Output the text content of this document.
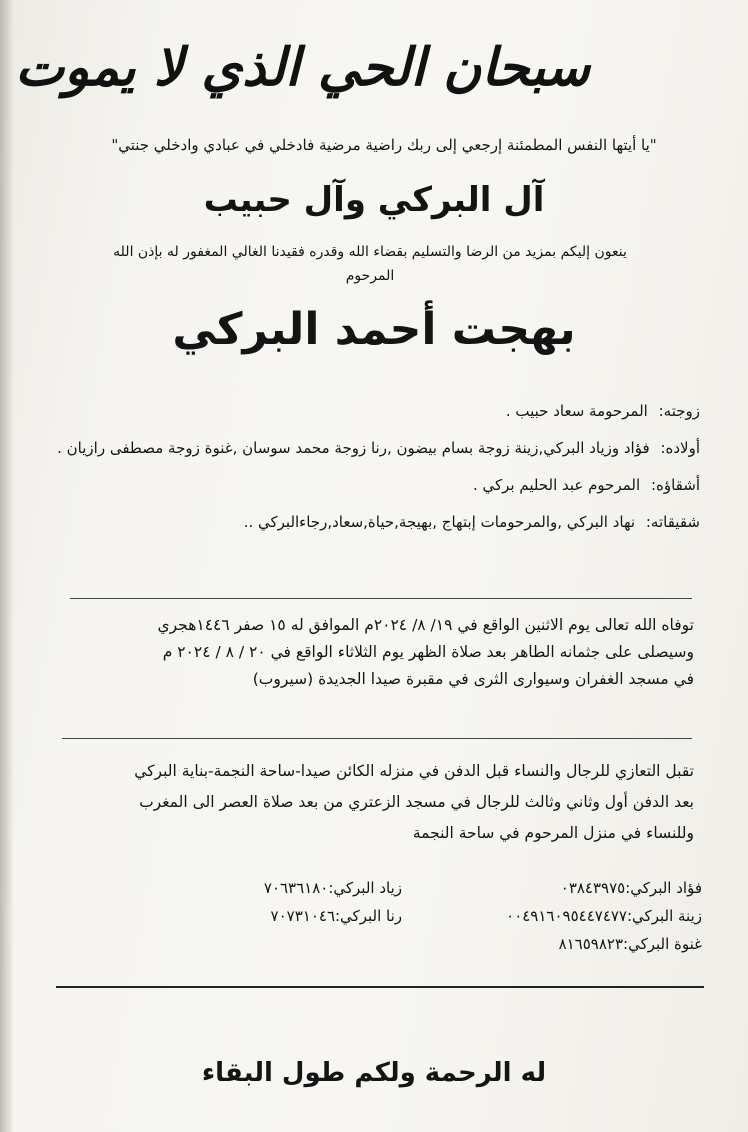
سبحان الحي الذي لا يموت
"يا أيتها النفس المطمئنة إرجعي إلى ربك راضية مرضية فادخلي في عبادي وادخلي جنتي"
آل البركي وآل حبيب
ينعون إليكم بمزيد من الرضا والتسليم بقضاء الله وقدره فقيدنا الغالي المغفور له بإذن الله
المرحوم
بهجت أحمد البركي
زوجته: المرحومة سعاد حبيب .
أولاده: فؤاد وزياد البركي,زينة زوجة بسام بيضون ,رنا زوجة محمد سوسان ,غنوة زوجة مصطفى رازيان .
أشقاؤه: المرحوم عبد الحليم بركي .
شقيقاته: نهاد البركي ,والمرحومات إبتهاج ,بهيجة,حياة,سعاد,رجاءالبركي ..
توفاه الله تعالى يوم الاثنين الواقع في ١٩/ ٨/ ٢٠٢٤م الموافق له ١٥ صفر ١٤٤٦هجري
وسيصلى على جثمانه الطاهر بعد صلاة الظهر يوم الثلاثاء الواقع في ٢٠ / ٨ / ٢٠٢٤ م
في مسجد الغفران وسيوارى الثرى في مقبرة صيدا الجديدة (سيروب)
تقبل التعازي للرجال والنساء قبل الدفن في منزله الكائن صيدا-ساحة النجمة-بناية البركي
بعد الدفن أول وثاني وثالث للرجال في مسجد الزعتري من بعد صلاة العصر الى المغرب
وللنساء في منزل المرحوم في ساحة النجمة
فؤاد البركي:٠٣٨٤٣٩٧٥
زياد البركي:٧٠٦٣٦١٨٠
زينة البركي:٠٠٤٩١٦٠٩٥٤٤٧٤٧٧
رنا البركي:٧٠٧٣١٠٤٦
غنوة البركي:٨١٦٥٩٨٢٣
له الرحمة ولكم طول البقاء
